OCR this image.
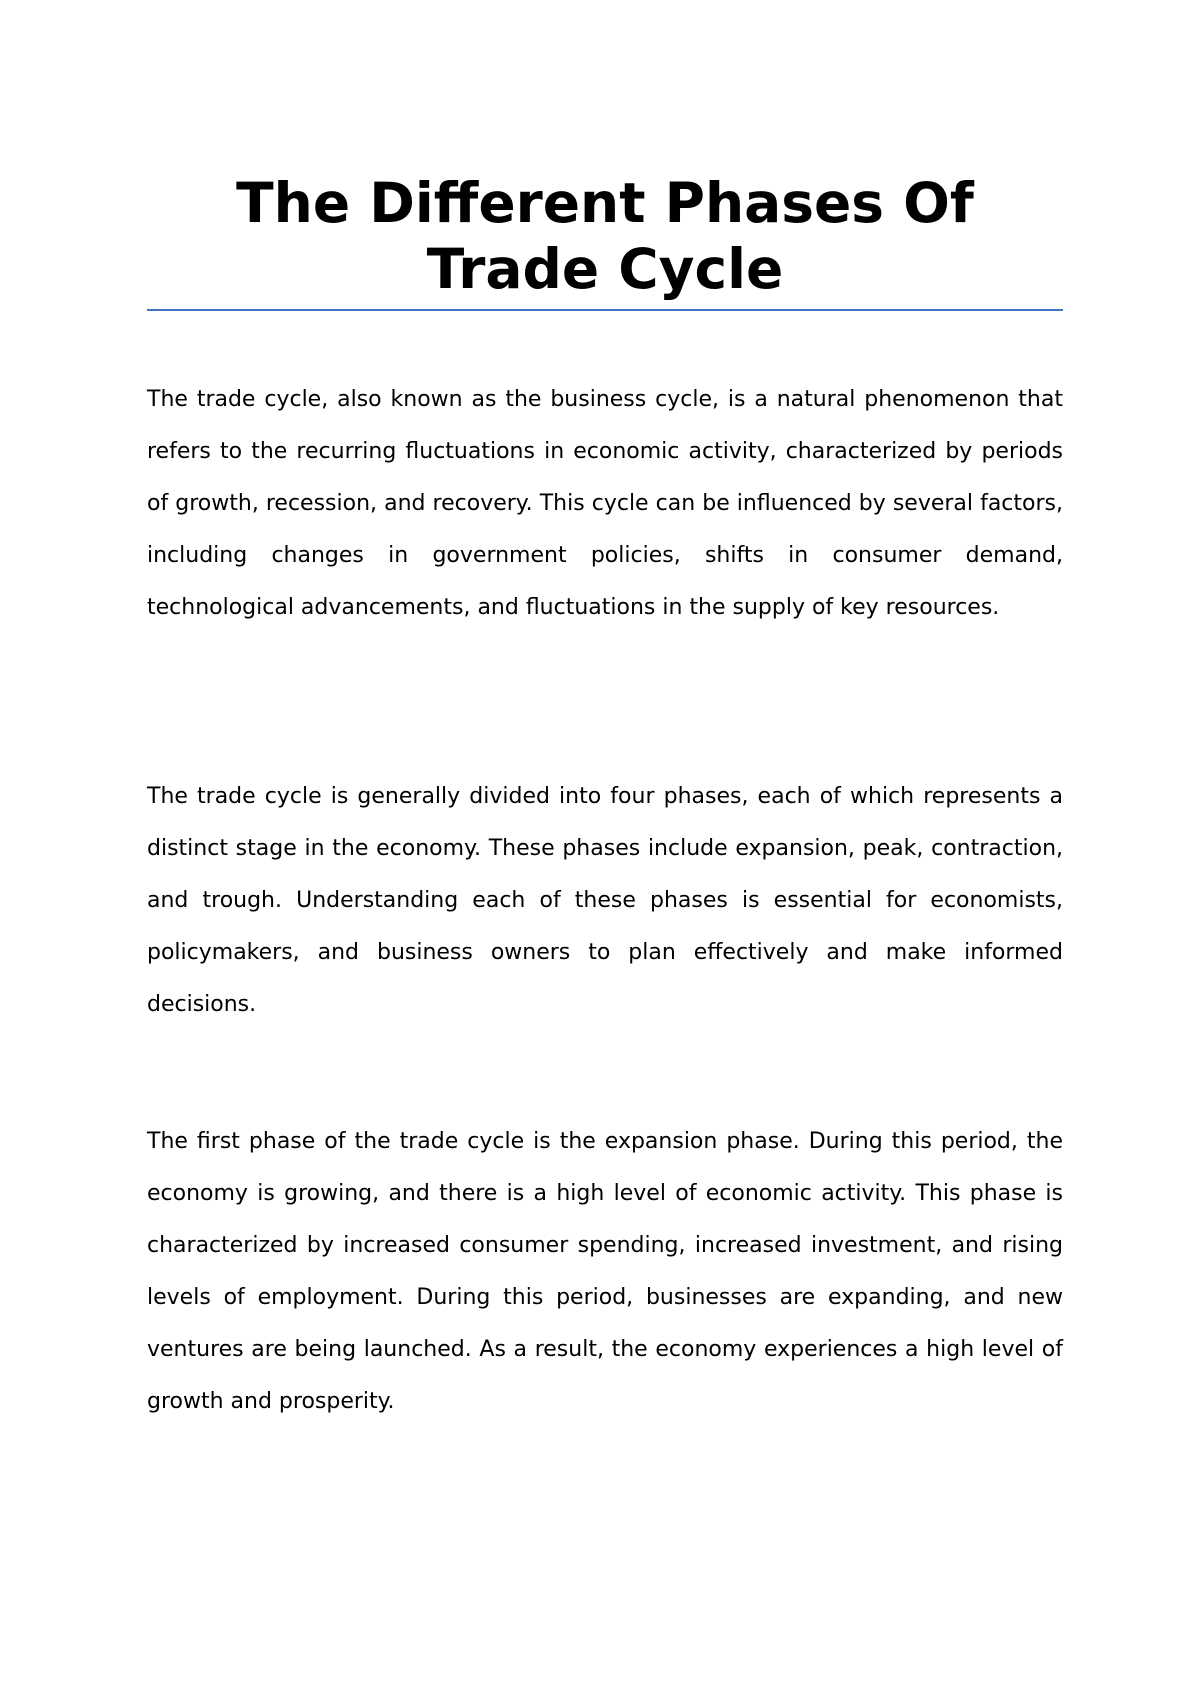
The Different Phases Of Trade Cycle

The trade cycle, also known as the business cycle, is a natural phenomenon that refers to the recurring fluctuations in economic activity, characterized by periods of growth, recession, and recovery. This cycle can be influenced by several factors, including changes in government policies, shifts in consumer demand, technological advancements, and fluctuations in the supply of key resources.

The trade cycle is generally divided into four phases, each of which represents a distinct stage in the economy. These phases include expansion, peak, contraction, and trough. Understanding each of these phases is essential for economists, policymakers, and business owners to plan effectively and make informed decisions.

The first phase of the trade cycle is the expansion phase. During this period, the economy is growing, and there is a high level of economic activity. This phase is characterized by increased consumer spending, increased investment, and rising levels of employment. During this period, businesses are expanding, and new ventures are being launched. As a result, the economy experiences a high level of growth and prosperity.
